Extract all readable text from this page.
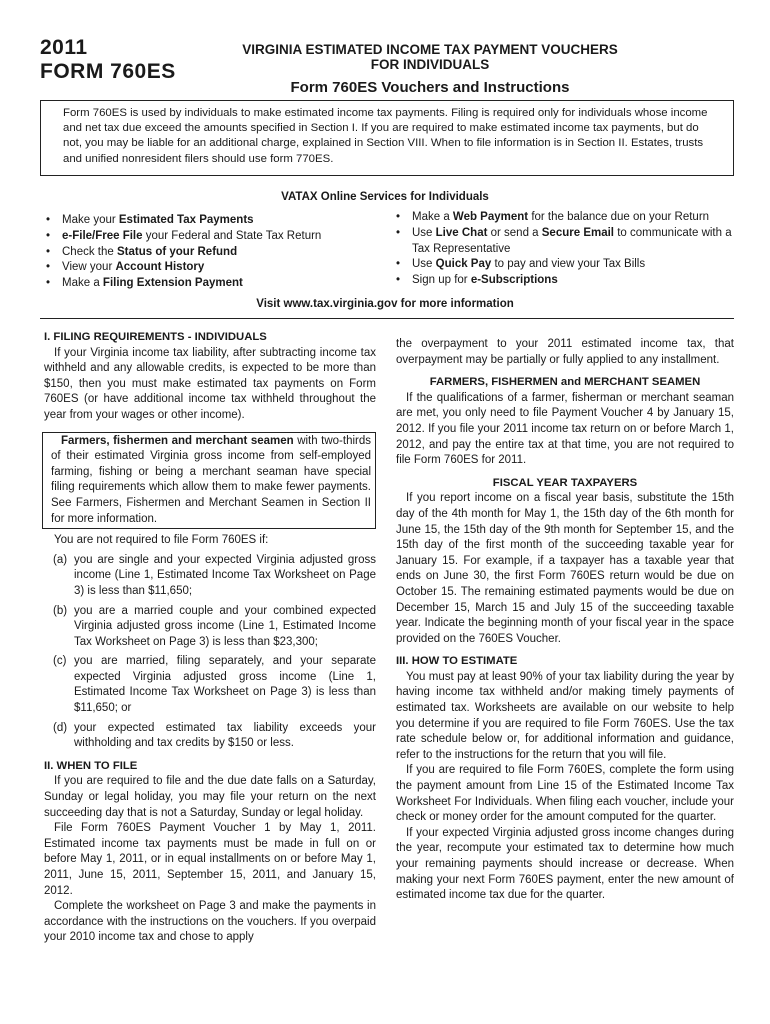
2011
FORM 760ES
VIRGINIA ESTIMATED INCOME TAX PAYMENT VOUCHERS
FOR INDIVIDUALS
Form 760ES Vouchers and Instructions

Form 760ES is used by individuals to make estimated income tax payments. Filing is required only for individuals whose income and net tax due exceed the amounts specified in Section I. If you are required to make estimated income tax payments, but do not, you may be liable for an additional charge, explained in Section VIII. When to file information is in Section II. Estates, trusts and unified nonresident filers should use form 770ES.

VATAX Online Services for Individuals
• Make your Estimated Tax Payments
• e-File/Free File your Federal and State Tax Return
• Check the Status of your Refund
• View your Account History
• Make a Filing Extension Payment
• Make a Web Payment for the balance due on your Return
• Use Live Chat or send a Secure Email to communicate with a Tax Representative
• Use Quick Pay to pay and view your Tax Bills
• Sign up for e-Subscriptions
Visit www.tax.virginia.gov for more information
I. FILING REQUIREMENTS - INDIVIDUALS

If your Virginia income tax liability, after subtracting income tax withheld and any allowable credits, is expected to be more than $150, then you must make estimated tax payments on Form 760ES (or have additional income tax withheld throughout the year from your wages or other income).

Farmers, fishermen and merchant seamen with two-thirds of their estimated Virginia gross income from self-employed farming, fishing or being a merchant seaman have special filing requirements which allow them to make fewer payments. See Farmers, Fishermen and Merchant Seamen in Section II for more information.

You are not required to file Form 760ES if:

(a) you are single and your expected Virginia adjusted gross income (Line 1, Estimated Income Tax Worksheet on Page 3) is less than $11,650;
(b) you are a married couple and your combined expected Virginia adjusted gross income (Line 1, Estimated Income Tax Worksheet on Page 3) is less than $23,300;
(c) you are married, filing separately, and your separate expected Virginia adjusted gross income (Line 1, Estimated Income Tax Worksheet on Page 3) is less than $11,650; or
(d) your expected estimated tax liability exceeds your withholding and tax credits by $150 or less.
II. WHEN TO FILE

If you are required to file and the due date falls on a Saturday, Sunday or legal holiday, you may file your return on the next succeeding day that is not a Saturday, Sunday or legal holiday.

File Form 760ES Payment Voucher 1 by May 1, 2011. Estimated income tax payments must be made in full on or before May 1, 2011, or in equal installments on or before May 1, 2011, June 15, 2011, September 15, 2011, and January 15, 2012.

Complete the worksheet on Page 3 and make the payments in accordance with the instructions on the vouchers. If you overpaid your 2010 income tax and chose to apply

the overpayment to your 2011 estimated income tax, that overpayment may be partially or fully applied to any installment.

FARMERS, FISHERMEN and MERCHANT SEAMEN

If the qualifications of a farmer, fisherman or merchant seaman are met, you only need to file Payment Voucher 4 by January 15, 2012. If you file your 2011 income tax return on or before March 1, 2012, and pay the entire tax at that time, you are not required to file Form 760ES for 2011.

FISCAL YEAR TAXPAYERS

If you report income on a fiscal year basis, substitute the 15th day of the 4th month for May 1, the 15th day of the 6th month for June 15, the 15th day of the 9th month for September 15, and the 15th day of the first month of the succeeding taxable year for January 15. For example, if a taxpayer has a taxable year that ends on June 30, the first Form 760ES return would be due on October 15. The remaining estimated payments would be due on December 15, March 15 and July 15 of the succeeding taxable year. Indicate the beginning month of your fiscal year in the space provided on the 760ES Voucher.

III. HOW TO ESTIMATE

You must pay at least 90% of your tax liability during the year by having income tax withheld and/or making timely payments of estimated tax. Worksheets are available on our website to help you determine if you are required to file Form 760ES. Use the tax rate schedule below or, for additional information and guidance, refer to the instructions for the return that you will file.

If you are required to file Form 760ES, complete the form using the payment amount from Line 15 of the Estimated Income Tax Worksheet For Individuals. When filing each voucher, include your check or money order for the amount computed for the quarter.

If your expected Virginia adjusted gross income changes during the year, recompute your estimated tax to determine how much your remaining payments should increase or decrease. When making your next Form 760ES payment, enter the new amount of estimated income tax due for the quarter.
